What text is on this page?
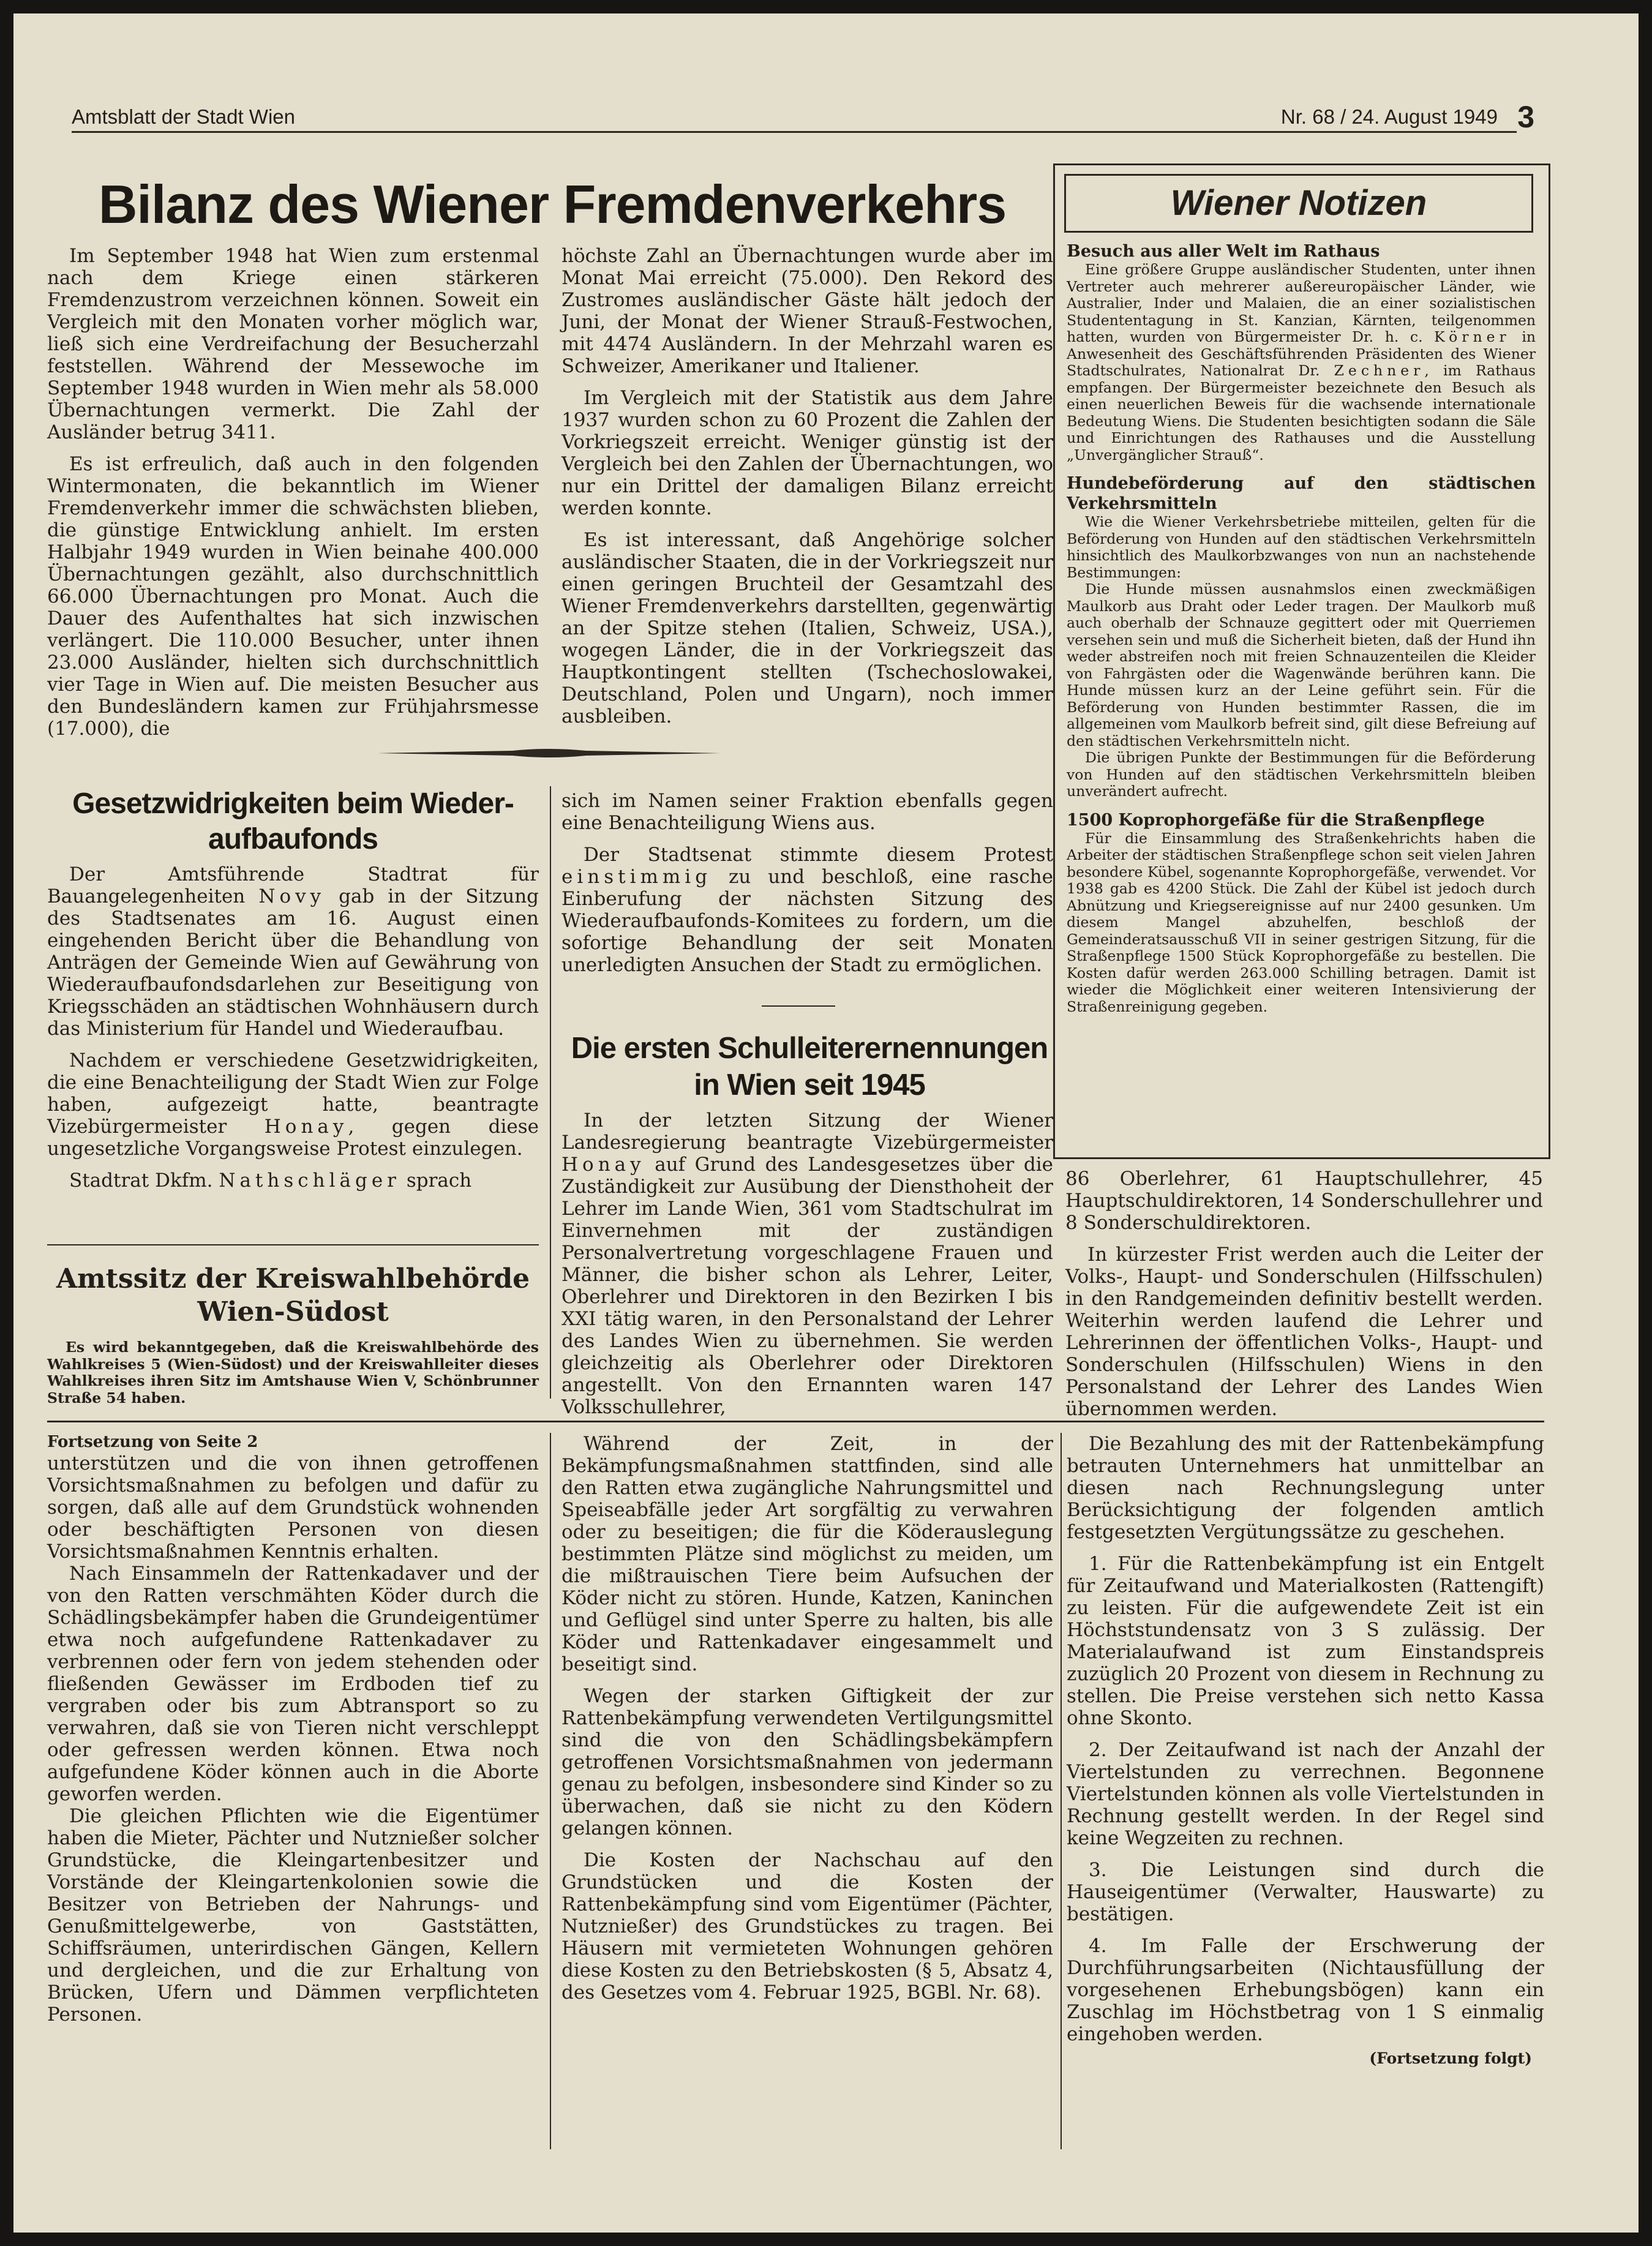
Amtsblatt der Stadt Wien	Nr. 68 / 24. August 1949 3
Bilanz des Wiener Fremdenverkehrs

Im September 1948 hat Wien zum erstenmal nach dem Kriege einen stärkeren Fremdenzustrom verzeichnen können. Soweit ein Vergleich mit den Monaten vorher möglich war, ließ sich eine Verdreifachung der Besucherzahl feststellen. Während der Messewoche im September 1948 wurden in Wien mehr als 58.000 Übernachtungen vermerkt. Die Zahl der Ausländer betrug 3411.

Es ist erfreulich, daß auch in den folgenden Wintermonaten, die bekanntlich im Wiener Fremdenverkehr immer die schwächsten blieben, die günstige Entwicklung anhielt. Im ersten Halbjahr 1949 wurden in Wien beinahe 400.000 Übernachtungen gezählt, also durchschnittlich 66.000 Übernachtungen pro Monat. Auch die Dauer des Aufenthaltes hat sich inzwischen verlängert. Die 110.000 Besucher, unter ihnen 23.000 Ausländer, hielten sich durchschnittlich vier Tage in Wien auf. Die meisten Besucher aus den Bundesländern kamen zur Frühjahrsmesse (17.000), die

höchste Zahl an Übernachtungen wurde aber im Monat Mai erreicht (75.000). Den Rekord des Zustromes ausländischer Gäste hält jedoch der Juni, der Monat der Wiener Strauß-Festwochen, mit 4474 Ausländern. In der Mehrzahl waren es Schweizer, Amerikaner und Italiener.

Im Vergleich mit der Statistik aus dem Jahre 1937 wurden schon zu 60 Prozent die Zahlen der Vorkriegszeit erreicht. Weniger günstig ist der Vergleich bei den Zahlen der Übernachtungen, wo nur ein Drittel der damaligen Bilanz erreicht werden konnte.

Es ist interessant, daß Angehörige solcher ausländischer Staaten, die in der Vorkriegszeit nur einen geringen Bruchteil der Gesamtzahl des Wiener Fremdenverkehrs darstellten, gegenwärtig an der Spitze stehen (Italien, Schweiz, USA.), wogegen Länder, die in der Vorkriegszeit das Hauptkontingent stellten (Tschechoslowakei, Deutschland, Polen und Ungarn), noch immer ausbleiben.

Gesetzwidrigkeiten beim Wieder-
aufbaufonds

Der Amtsführende Stadtrat für Bauangelegenheiten Novy gab in der Sitzung des Stadtsenates am 16. August einen eingehenden Bericht über die Behandlung von Anträgen der Gemeinde Wien auf Gewährung von Wiederaufbaufondsdarlehen zur Beseitigung von Kriegsschäden an städtischen Wohnhäusern durch das Ministerium für Handel und Wiederaufbau.

Nachdem er verschiedene Gesetzwidrigkeiten, die eine Benachteiligung der Stadt Wien zur Folge haben, aufgezeigt hatte, beantragte Vizebürgermeister Honay, gegen diese ungesetzliche Vorgangsweise Protest einzulegen.

Stadtrat Dkfm. Nathschläger sprach

sich im Namen seiner Fraktion ebenfalls gegen eine Benachteiligung Wiens aus.

Der Stadtsenat stimmte diesem Protest einstimmig zu und beschloß, eine rasche Einberufung der nächsten Sitzung des Wiederaufbaufonds-Komitees zu fordern, um die sofortige Behandlung der seit Monaten unerledigten Ansuchen der Stadt zu ermöglichen.

Amtssitz der Kreiswahlbehörde
Wien-Südost

Es wird bekanntgegeben, daß die Kreiswahlbehörde des Wahlkreises 5 (Wien-Südost) und der Kreiswahlleiter dieses Wahlkreises ihren Sitz im Amtshause Wien V, Schönbrunner Straße 54 haben.

Die ersten Schulleiterernennungen
in Wien seit 1945

In der letzten Sitzung der Wiener Landesregierung beantragte Vizebürgermeister Honay auf Grund des Landesgesetzes über die Zuständigkeit zur Ausübung der Diensthoheit der Lehrer im Lande Wien, 361 vom Stadtschulrat im Einvernehmen mit der zuständigen Personalvertretung vorgeschlagene Frauen und Männer, die bisher schon als Lehrer, Leiter, Oberlehrer und Direktoren in den Bezirken I bis XXI tätig waren, in den Personalstand der Lehrer des Landes Wien zu übernehmen. Sie werden gleichzeitig als Oberlehrer oder Direktoren angestellt. Von den Ernannten waren 147 Volksschullehrer,

86 Oberlehrer, 61 Hauptschullehrer, 45 Hauptschuldirektoren, 14 Sonderschullehrer und 8 Sonderschuldirektoren.

In kürzester Frist werden auch die Leiter der Volks-, Haupt- und Sonderschulen (Hilfsschulen) in den Randgemeinden definitiv bestellt werden. Weiterhin werden laufend die Lehrer und Lehrerinnen der öffentlichen Volks-, Haupt- und Sonderschulen (Hilfsschulen) Wiens in den Personalstand der Lehrer des Landes Wien übernommen werden.

Wiener Notizen
Besuch aus aller Welt im Rathaus

Eine größere Gruppe ausländischer Studenten, unter ihnen Vertreter auch mehrerer außereuropäischer Länder, wie Australier, Inder und Malaien, die an einer sozialistischen Studententagung in St. Kanzian, Kärnten, teilgenommen hatten, wurden von Bürgermeister Dr. h. c. Körner in Anwesenheit des Geschäftsführenden Präsidenten des Wiener Stadtschulrates, Nationalrat Dr. Zechner, im Rathaus empfangen. Der Bürgermeister bezeichnete den Besuch als einen neuerlichen Beweis für die wachsende internationale Bedeutung Wiens. Die Studenten besichtigten sodann die Säle und Einrichtungen des Rathauses und die Ausstellung „Unvergänglicher Strauß“.

Hundebeförderung auf den städtischen Verkehrsmitteln

Wie die Wiener Verkehrsbetriebe mitteilen, gelten für die Beförderung von Hunden auf den städtischen Verkehrsmitteln hinsichtlich des Maulkorbzwanges von nun an nachstehende Bestimmungen:

Die Hunde müssen ausnahmslos einen zweckmäßigen Maulkorb aus Draht oder Leder tragen. Der Maulkorb muß auch oberhalb der Schnauze gegittert oder mit Querriemen versehen sein und muß die Sicherheit bieten, daß der Hund ihn weder abstreifen noch mit freien Schnauzenteilen die Kleider von Fahrgästen oder die Wagenwände berühren kann. Die Hunde müssen kurz an der Leine geführt sein. Für die Beförderung von Hunden bestimmter Rassen, die im allgemeinen vom Maulkorb befreit sind, gilt diese Befreiung auf den städtischen Verkehrsmitteln nicht.

Die übrigen Punkte der Bestimmungen für die Beförderung von Hunden auf den städtischen Verkehrsmitteln bleiben unverändert aufrecht.

1500 Koprophorgefäße für die Straßenpflege

Für die Einsammlung des Straßenkehrichts haben die Arbeiter der städtischen Straßenpflege schon seit vielen Jahren besondere Kübel, sogenannte Koprophorgefäße, verwendet. Vor 1938 gab es 4200 Stück. Die Zahl der Kübel ist jedoch durch Abnützung und Kriegsereignisse auf nur 2400 gesunken. Um diesem Mangel abzuhelfen, beschloß der Gemeinderatsausschuß VII in seiner gestrigen Sitzung, für die Straßenpflege 1500 Stück Koprophorgefäße zu bestellen. Die Kosten dafür werden 263.000 Schilling betragen. Damit ist wieder die Möglichkeit einer weiteren Intensivierung der Straßenreinigung gegeben.

Fortsetzung von Seite 2

unterstützen und die von ihnen getroffenen Vorsichtsmaßnahmen zu befolgen und dafür zu sorgen, daß alle auf dem Grundstück wohnenden oder beschäftigten Personen von diesen Vorsichtsmaßnahmen Kenntnis erhalten.

Nach Einsammeln der Rattenkadaver und der von den Ratten verschmähten Köder durch die Schädlingsbekämpfer haben die Grundeigentümer etwa noch aufgefundene Rattenkadaver zu verbrennen oder fern von jedem stehenden oder fließenden Gewässer im Erdboden tief zu vergraben oder bis zum Abtransport so zu verwahren, daß sie von Tieren nicht verschleppt oder gefressen werden können. Etwa noch aufgefundene Köder können auch in die Aborte geworfen werden.

Die gleichen Pflichten wie die Eigentümer haben die Mieter, Pächter und Nutznießer solcher Grundstücke, die Kleingartenbesitzer und Vorstände der Kleingartenkolonien sowie die Besitzer von Betrieben der Nahrungs- und Genußmittelgewerbe, von Gaststätten, Schiffsräumen, unterirdischen Gängen, Kellern und dergleichen, und die zur Erhaltung von Brücken, Ufern und Dämmen verpflichteten Personen.

Während der Zeit, in der Bekämpfungsmaßnahmen stattfinden, sind alle den Ratten etwa zugängliche Nahrungsmittel und Speiseabfälle jeder Art sorgfältig zu verwahren oder zu beseitigen; die für die Köderauslegung bestimmten Plätze sind möglichst zu meiden, um die mißtrauischen Tiere beim Aufsuchen der Köder nicht zu stören. Hunde, Katzen, Kaninchen und Geflügel sind unter Sperre zu halten, bis alle Köder und Rattenkadaver eingesammelt und beseitigt sind.

Wegen der starken Giftigkeit der zur Rattenbekämpfung verwendeten Vertilgungsmittel sind die von den Schädlingsbekämpfern getroffenen Vorsichtsmaßnahmen von jedermann genau zu befolgen, insbesondere sind Kinder so zu überwachen, daß sie nicht zu den Ködern gelangen können.

Die Kosten der Nachschau auf den Grundstücken und die Kosten der Rattenbekämpfung sind vom Eigentümer (Pächter, Nutznießer) des Grundstückes zu tragen. Bei Häusern mit vermieteten Wohnungen gehören diese Kosten zu den Betriebskosten (§ 5, Absatz 4, des Gesetzes vom 4. Februar 1925, BGBl. Nr. 68).

Die Bezahlung des mit der Rattenbekämpfung betrauten Unternehmers hat unmittelbar an diesen nach Rechnungslegung unter Berücksichtigung der folgenden amtlich festgesetzten Vergütungssätze zu geschehen.

1. Für die Rattenbekämpfung ist ein Entgelt für Zeitaufwand und Materialkosten (Rattengift) zu leisten. Für die aufgewendete Zeit ist ein Höchststundensatz von 3 S zulässig. Der Materialaufwand ist zum Einstandspreis zuzüglich 20 Prozent von diesem in Rechnung zu stellen. Die Preise verstehen sich netto Kassa ohne Skonto.

2. Der Zeitaufwand ist nach der Anzahl der Viertelstunden zu verrechnen. Begonnene Viertelstunden können als volle Viertelstunden in Rechnung gestellt werden. In der Regel sind keine Wegzeiten zu rechnen.

3. Die Leistungen sind durch die Hauseigentümer (Verwalter, Hauswarte) zu bestätigen.

4. Im Falle der Erschwerung der Durchführungsarbeiten (Nichtausfüllung der vorgesehenen Erhebungsbögen) kann ein Zuschlag im Höchstbetrag von 1 S einmalig eingehoben werden.

(Fortsetzung folgt)
